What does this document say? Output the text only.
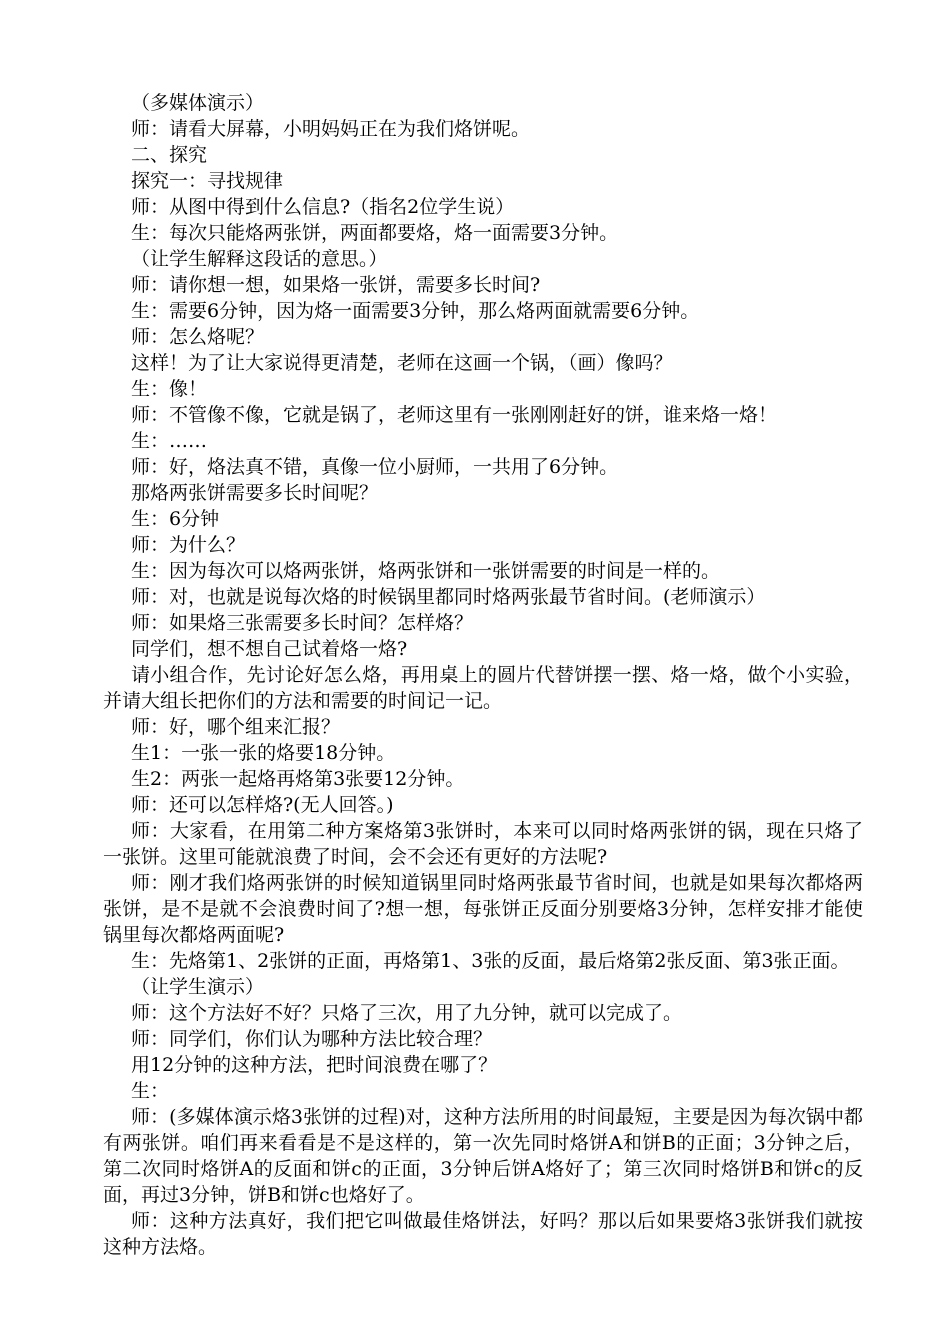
（多媒体演示）

师：请看大屏幕，小明妈妈正在为我们烙饼呢。

二、探究

探究一：寻找规律

师：从图中得到什么信息?（指名2位学生说）

生：每次只能烙两张饼，两面都要烙，烙一面需要3分钟。

（让学生解释这段话的意思。）

师：请你想一想，如果烙一张饼，需要多长时间?

生：需要6分钟，因为烙一面需要3分钟，那么烙两面就需要6分钟。

师：怎么烙呢？

这样！为了让大家说得更清楚，老师在这画一个锅，（画）像吗？

生：像！

师：不管像不像，它就是锅了，老师这里有一张刚刚赶好的饼，谁来烙一烙！

生：……

师：好，烙法真不错，真像一位小厨师，一共用了6分钟。

那烙两张饼需要多长时间呢？

生：6分钟

师：为什么？

生：因为每次可以烙两张饼，烙两张饼和一张饼需要的时间是一样的。

师：对，也就是说每次烙的时候锅里都同时烙两张最节省时间。(老师演示）

师：如果烙三张需要多长时间？怎样烙？

同学们，想不想自己试着烙一烙?

请小组合作，先讨论好怎么烙，再用桌上的圆片代替饼摆一摆、烙一烙，做个小实验，并请大组长把你们的方法和需要的时间记一记。

师：好，哪个组来汇报？

生1：一张一张的烙要18分钟。

生2：两张一起烙再烙第3张要12分钟。

师：还可以怎样烙?(无人回答。)

师：大家看，在用第二种方案烙第3张饼时，本来可以同时烙两张饼的锅，现在只烙了一张饼。这里可能就浪费了时间，会不会还有更好的方法呢?

师：刚才我们烙两张饼的时候知道锅里同时烙两张最节省时间，也就是如果每次都烙两张饼，是不是就不会浪费时间了?想一想，每张饼正反面分别要烙3分钟，怎样安排才能使锅里每次都烙两面呢?

生：先烙第1、2张饼的正面，再烙第1、3张的反面，最后烙第2张反面、第3张正面。

（让学生演示）

师：这个方法好不好？只烙了三次，用了九分钟，就可以完成了。

师：同学们，你们认为哪种方法比较合理？

用12分钟的这种方法，把时间浪费在哪了？

生：

师：(多媒体演示烙3张饼的过程)对，这种方法所用的时间最短，主要是因为每次锅中都有两张饼。咱们再来看看是不是这样的，第一次先同时烙饼A和饼B的正面；3分钟之后，第二次同时烙饼A的反面和饼c的正面，3分钟后饼A烙好了；第三次同时烙饼B和饼c的反面，再过3分钟，饼B和饼c也烙好了。

师：这种方法真好，我们把它叫做最佳烙饼法，好吗？那以后如果要烙3张饼我们就按这种方法烙。
